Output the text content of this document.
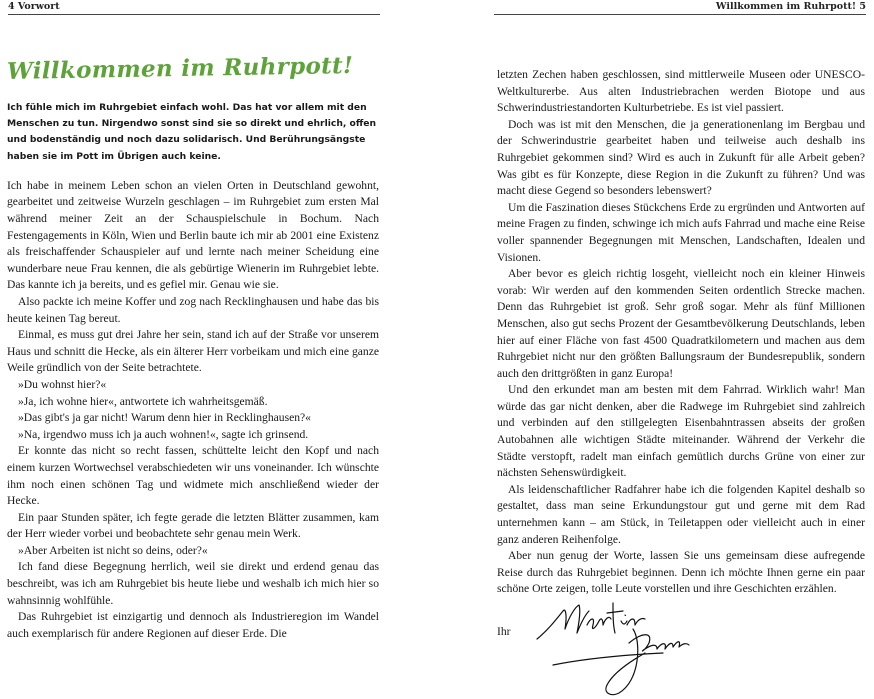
4 Vorwort
Willkommen im Ruhrpott!

Ich fühle mich im Ruhrgebiet einfach wohl. Das hat vor allem mit den Menschen zu tun. Nirgendwo sonst sind sie so direkt und ehrlich, offen und bodenständig und noch dazu solidarisch. Und Berührungsängste haben sie im Pott im Übrigen auch keine.

Ich habe in meinem Leben schon an vielen Orten in Deutschland gewohnt, gearbeitet und zeitweise Wurzeln geschlagen – im Ruhrgebiet zum ersten Mal während meiner Zeit an der Schauspielschule in Bochum. Nach Festengagements in Köln, Wien und Berlin baute ich mir ab 2001 eine Existenz als freischaffender Schauspieler auf und lernte nach meiner Scheidung eine wunderbare neue Frau kennen, die als gebürtige Wienerin im Ruhrgebiet lebte. Das kannte ich ja bereits, und es gefiel mir. Genau wie sie.

Also packte ich meine Koffer und zog nach Recklinghausen und habe das bis heute keinen Tag bereut.

Einmal, es muss gut drei Jahre her sein, stand ich auf der Straße vor unserem Haus und schnitt die Hecke, als ein älterer Herr vorbeikam und mich eine ganze Weile gründlich von der Seite betrachtete.

»Du wohnst hier?«

»Ja, ich wohne hier«, antwortete ich wahrheitsgemäß.

»Das gibt's ja gar nicht! Warum denn hier in Recklinghausen?«

»Na, irgendwo muss ich ja auch wohnen!«, sagte ich grinsend.

Er konnte das nicht so recht fassen, schüttelte leicht den Kopf und nach einem kurzen Wortwechsel verabschiedeten wir uns voneinander. Ich wünschte ihm noch einen schönen Tag und widmete mich anschließend wieder der Hecke.

Ein paar Stunden später, ich fegte gerade die letzten Blätter zusammen, kam der Herr wieder vorbei und beobachtete sehr genau mein Werk.

»Aber Arbeiten ist nicht so deins, oder?«

Ich fand diese Begegnung herrlich, weil sie direkt und erdend genau das beschreibt, was ich am Ruhrgebiet bis heute liebe und weshalb ich mich hier so wahnsinnig wohlfühle.

Das Ruhrgebiet ist einzigartig und dennoch als Industrieregion im Wandel auch exemplarisch für andere Regionen auf dieser Erde. Die

Willkommen im Ruhrpott! 5

letzten Zechen haben geschlossen, sind mittlerweile Museen oder UNESCO-Weltkulturerbe. Aus alten Industriebrachen werden Biotope und aus Schwerindustriestandorten Kulturbetriebe. Es ist viel passiert.

Doch was ist mit den Menschen, die ja generationenlang im Bergbau und der Schwerindustrie gearbeitet haben und teilweise auch deshalb ins Ruhrgebiet gekommen sind? Wird es auch in Zukunft für alle Arbeit geben? Was gibt es für Konzepte, diese Region in die Zukunft zu führen? Und was macht diese Gegend so besonders lebenswert?

Um die Faszination dieses Stückchens Erde zu ergründen und Antworten auf meine Fragen zu finden, schwinge ich mich aufs Fahrrad und mache eine Reise voller spannender Begegnungen mit Menschen, Landschaften, Idealen und Visionen.

Aber bevor es gleich richtig losgeht, vielleicht noch ein kleiner Hinweis vorab: Wir werden auf den kommenden Seiten ordentlich Strecke machen. Denn das Ruhrgebiet ist groß. Sehr groß sogar. Mehr als fünf Millionen Menschen, also gut sechs Prozent der Gesamtbevölkerung Deutschlands, leben hier auf einer Fläche von fast 4500 Quadratkilometern und machen aus dem Ruhrgebiet nicht nur den größten Ballungsraum der Bundesrepublik, sondern auch den drittgrößten in ganz Europa!

Und den erkundet man am besten mit dem Fahrrad. Wirklich wahr! Man würde das gar nicht denken, aber die Radwege im Ruhrgebiet sind zahlreich und verbinden auf den stillgelegten Eisenbahntrassen abseits der großen Autobahnen alle wichtigen Städte miteinander. Während der Verkehr die Städte verstopft, radelt man einfach gemütlich durchs Grüne von einer zur nächsten Sehenswürdigkeit.

Als leidenschaftlicher Radfahrer habe ich die folgenden Kapitel deshalb so gestaltet, dass man seine Erkundungstour gut und gerne mit dem Rad unternehmen kann – am Stück, in Teiletappen oder vielleicht auch in einer ganz anderen Reihenfolge.

Aber nun genug der Worte, lassen Sie uns gemeinsam diese aufregende Reise durch das Ruhrgebiet beginnen. Denn ich möchte Ihnen gerne ein paar schöne Orte zeigen, tolle Leute vorstellen und ihre Geschichten erzählen.

Ihr
